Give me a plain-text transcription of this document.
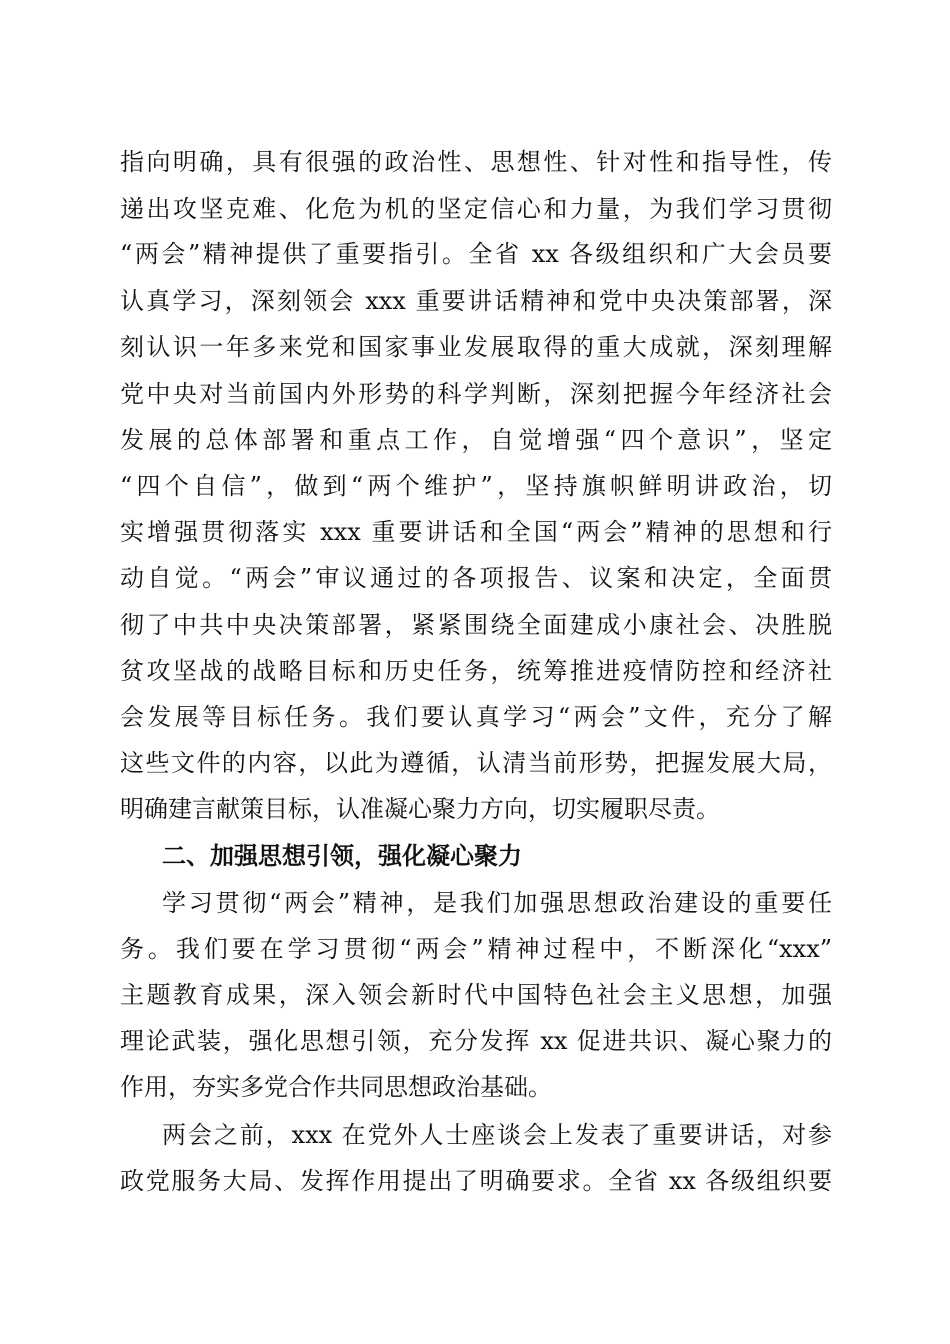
指向明确，具有很强的政治性、思想性、针对性和指导性，传
递出攻坚克难、化危为机的坚定信心和力量，为我们学习贯彻
“两会”精神提供了重要指引。全省 xx 各级组织和广大会员要
认真学习，深刻领会 xxx 重要讲话精神和党中央决策部署，深
刻认识一年多来党和国家事业发展取得的重大成就，深刻理解
党中央对当前国内外形势的科学判断，深刻把握今年经济社会
发展的总体部署和重点工作，自觉增强“四个意识”，坚定
“四个自信”，做到“两个维护”，坚持旗帜鲜明讲政治，切
实增强贯彻落实 xxx 重要讲话和全国“两会”精神的思想和行
动自觉。“两会”审议通过的各项报告、议案和决定，全面贯
彻了中共中央决策部署，紧紧围绕全面建成小康社会、决胜脱
贫攻坚战的战略目标和历史任务，统筹推进疫情防控和经济社
会发展等目标任务。我们要认真学习“两会”文件，充分了解
这些文件的内容，以此为遵循，认清当前形势，把握发展大局，
明确建言献策目标，认准凝心聚力方向，切实履职尽责。
二、加强思想引领，强化凝心聚力
学习贯彻“两会”精神，是我们加强思想政治建设的重要任
务。我们要在学习贯彻“两会”精神过程中，不断深化“xxx”
主题教育成果，深入领会新时代中国特色社会主义思想，加强
理论武装，强化思想引领，充分发挥 xx 促进共识、凝心聚力的
作用，夯实多党合作共同思想政治基础。
两会之前，xxx 在党外人士座谈会上发表了重要讲话，对参
政党服务大局、发挥作用提出了明确要求。全省 xx 各级组织要
